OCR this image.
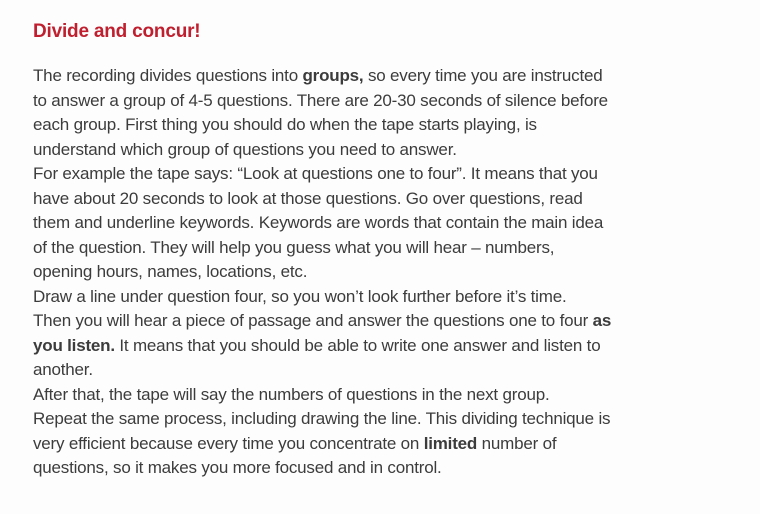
Divide and concur!
The recording divides questions into groups, so every time you are instructed
to answer a group of 4-5 questions. There are 20-30 seconds of silence before
each group. First thing you should do when the tape starts playing, is
understand which group of questions you need to answer.
For example the tape says: “Look at questions one to four”. It means that you
have about 20 seconds to look at those questions. Go over questions, read
them and underline keywords. Keywords are words that contain the main idea
of the question. They will help you guess what you will hear – numbers,
opening hours, names, locations, etc.
Draw a line under question four, so you won’t look further before it’s time.
Then you will hear a piece of passage and answer the questions one to four as
you listen. It means that you should be able to write one answer and listen to
another.
After that, the tape will say the numbers of questions in the next group.
Repeat the same process, including drawing the line. This dividing technique is
very efficient because every time you concentrate on limited number of
questions, so it makes you more focused and in control.
